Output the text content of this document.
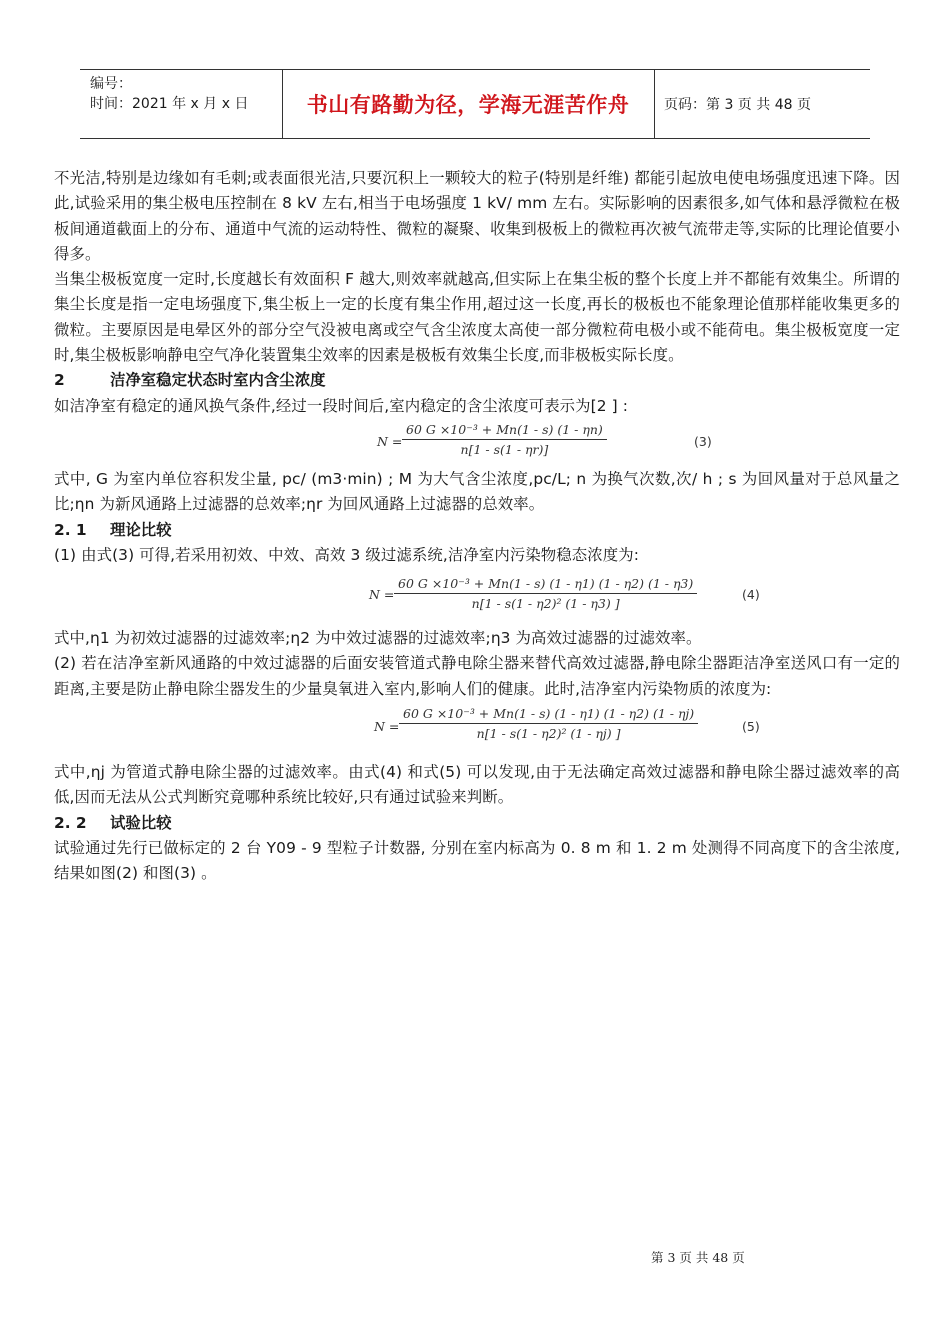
编号：
时间：2021 年 x 月 x 日	书山有路勤为径，学海无涯苦作舟	页码：第 3 页 共 48 页

不光洁,特别是边缘如有毛刺;或表面很光洁,只要沉积上一颗较大的粒子(特别是纤维) 都能引起放电使电场强度迅速下降。因此,试验采用的集尘极电压控制在 8 kV 左右,相当于电场强度 1 kV/ mm 左右。实际影响的因素很多,如气体和悬浮微粒在极板间通道截面上的分布、通道中气流的运动特性、微粒的凝聚、收集到极板上的微粒再次被气流带走等,实际的比理论值要小得多。

当集尘极板宽度一定时,长度越长有效面积 F 越大,则效率就越高,但实际上在集尘板的整个长度上并不都能有效集尘。所谓的集尘长度是指一定电场强度下,集尘板上一定的长度有集尘作用,超过这一长度,再长的极板也不能象理论值那样能收集更多的微粒。主要原因是电晕区外的部分空气没被电离或空气含尘浓度太高使一部分微粒荷电极小或不能荷电。集尘极板宽度一定时,集尘极板影响静电空气净化装置集尘效率的因素是极板有效集尘长度,而非极板实际长度。

2	洁净室稳定状态时室内含尘浓度

如洁净室有稳定的通风换气条件,经过一段时间后,室内稳定的含尘浓度可表示为[2 ] :

$N = \frac{\text{60 G ×10⁻³ + Mn(1 - s) (1 - ηn)}}{n[1 - s(1 - \eta r)]}$	(3)

式中, G 为室内单位容积发尘量, pc/ (m3·min) ; M 为大气含尘浓度,pc/L; n 为换气次数,次/ h ; s 为回风量对于总风量之比;ηn 为新风通路上过滤器的总效率;ηr 为回风通路上过滤器的总效率。

2. 1 理论比较

(1) 由式(3) 可得,若采用初效、中效、高效 3 级过滤系统,洁净室内污染物稳态浓度为:

$N = \frac{\text{60 G ×10⁻³ + Mn(1 - s) (1 - η1) (1 - η2) (1 - η3)}}{\text{n[1 - s(1 - η2)² (1 - η3) ]}}$	(4)

式中,η1 为初效过滤器的过滤效率;η2 为中效过滤器的过滤效率;η3 为高效过滤器的过滤效率。

(2) 若在洁净室新风通路的中效过滤器的后面安装管道式静电除尘器来替代高效过滤器,静电除尘器距洁净室送风口有一定的距离,主要是防止静电除尘器发生的少量臭氧进入室内,影响人们的健康。此时,洁净室内污染物质的浓度为:

$N = \frac{\text{60 G ×10⁻³ + Mn(1 - s) (1 - η1) (1 - η2) (1 - ηj)}}{\text{n[1 - s(1 - η2)² (1 - ηj) ]}}$	(5)

式中,ηj 为管道式静电除尘器的过滤效率。由式(4) 和式(5) 可以发现,由于无法确定高效过滤器和静电除尘器过滤效率的高低,因而无法从公式判断究竟哪种系统比较好,只有通过试验来判断。

2. 2 试验比较

试验通过先行已做标定的 2 台 Y09 - 9 型粒子计数器, 分别在室内标高为 0. 8 m 和 1. 2 m 处测得不同高度下的含尘浓度,结果如图(2) 和图(3) 。

第 3 页 共 48 页
